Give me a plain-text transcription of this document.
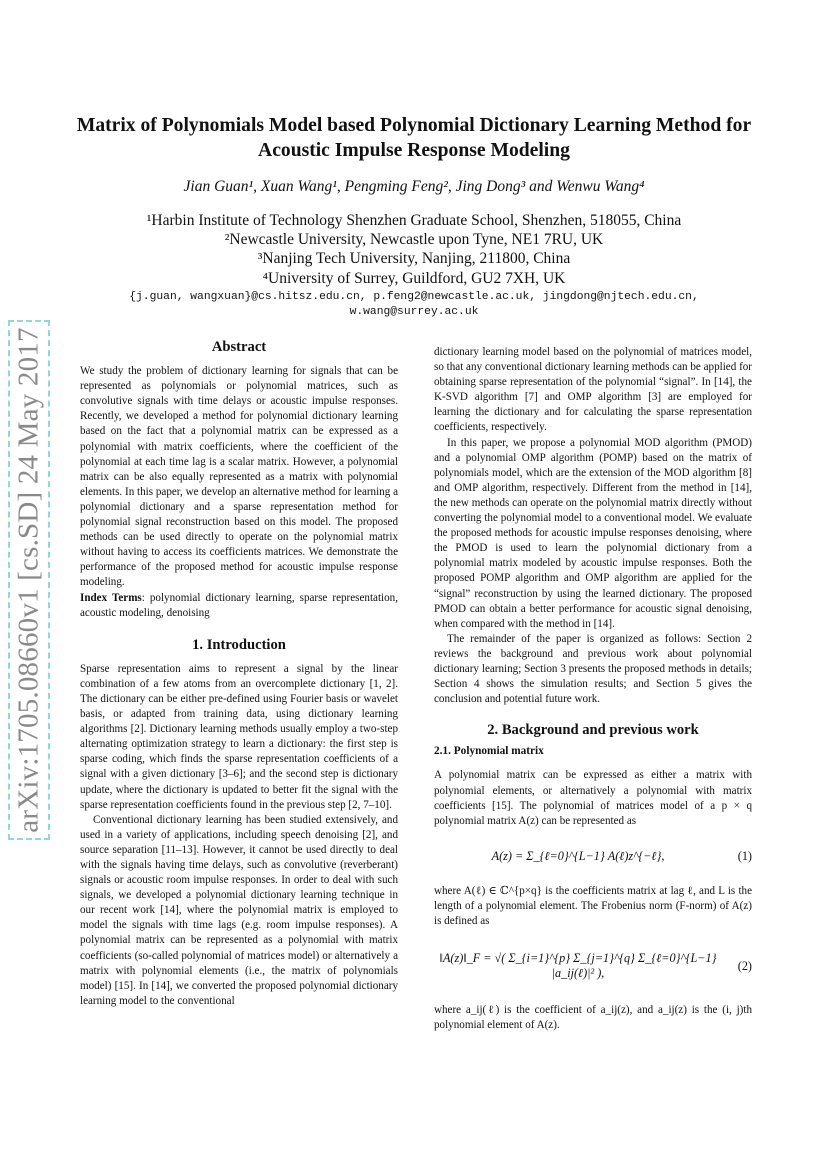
arXiv:1705.08660v1 [cs.SD] 24 May 2017
Matrix of Polynomials Model based Polynomial Dictionary Learning Method for Acoustic Impulse Response Modeling
Jian Guan¹, Xuan Wang¹, Pengming Feng², Jing Dong³ and Wenwu Wang⁴
¹Harbin Institute of Technology Shenzhen Graduate School, Shenzhen, 518055, China
²Newcastle University, Newcastle upon Tyne, NE1 7RU, UK
³Nanjing Tech University, Nanjing, 211800, China
⁴University of Surrey, Guildford, GU2 7XH, UK
{j.guan, wangxuan}@cs.hitsz.edu.cn, p.feng2@newcastle.ac.uk, jingdong@njtech.edu.cn,
w.wang@surrey.ac.uk
Abstract

We study the problem of dictionary learning for signals that can be represented as polynomials or polynomial matrices, such as convolutive signals with time delays or acoustic impulse responses. Recently, we developed a method for polynomial dictionary learning based on the fact that a polynomial matrix can be expressed as a polynomial with matrix coefficients, where the coefficient of the polynomial at each time lag is a scalar matrix. However, a polynomial matrix can be also equally represented as a matrix with polynomial elements. In this paper, we develop an alternative method for learning a polynomial dictionary and a sparse representation method for polynomial signal reconstruction based on this model. The proposed methods can be used directly to operate on the polynomial matrix without having to access its coefficients matrices. We demonstrate the performance of the proposed method for acoustic impulse response modeling.

Index Terms: polynomial dictionary learning, sparse representation, acoustic modeling, denoising

1. Introduction

Sparse representation aims to represent a signal by the linear combination of a few atoms from an overcomplete dictionary [1, 2]. The dictionary can be either pre-defined using Fourier basis or wavelet basis, or adapted from training data, using dictionary learning algorithms [2]. Dictionary learning methods usually employ a two-step alternating optimization strategy to learn a dictionary: the first step is sparse coding, which finds the sparse representation coefficients of a signal with a given dictionary [3–6]; and the second step is dictionary update, where the dictionary is updated to better fit the signal with the sparse representation coefficients found in the previous step [2, 7–10].

Conventional dictionary learning has been studied extensively, and used in a variety of applications, including speech denoising [2], and source separation [11–13]. However, it cannot be used directly to deal with the signals having time delays, such as convolutive (reverberant) signals or acoustic room impulse responses. In order to deal with such signals, we developed a polynomial dictionary learning technique in our recent work [14], where the polynomial matrix is employed to model the signals with time lags (e.g. room impulse responses). A polynomial matrix can be represented as a polynomial with matrix coefficients (so-called polynomial of matrices model) or alternatively a matrix with polynomial elements (i.e., the matrix of polynomials model) [15]. In [14], we converted the proposed polynomial dictionary learning model to the conventional

dictionary learning model based on the polynomial of matrices model, so that any conventional dictionary learning methods can be applied for obtaining sparse representation of the polynomial “signal”. In [14], the K-SVD algorithm [7] and OMP algorithm [3] are employed for learning the dictionary and for calculating the sparse representation coefficients, respectively.

In this paper, we propose a polynomial MOD algorithm (PMOD) and a polynomial OMP algorithm (POMP) based on the matrix of polynomials model, which are the extension of the MOD algorithm [8] and OMP algorithm, respectively. Different from the method in [14], the new methods can operate on the polynomial matrix directly without converting the polynomial model to a conventional model. We evaluate the proposed methods for acoustic impulse responses denoising, where the PMOD is used to learn the polynomial dictionary from a polynomial matrix modeled by acoustic impulse responses. Both the proposed POMP algorithm and OMP algorithm are applied for the “signal” reconstruction by using the learned dictionary. The proposed PMOD can obtain a better performance for acoustic signal denoising, when compared with the method in [14].

The remainder of the paper is organized as follows: Section 2 reviews the background and previous work about polynomial dictionary learning; Section 3 presents the proposed methods in details; Section 4 shows the simulation results; and Section 5 gives the conclusion and potential future work.

2. Background and previous work
2.1. Polynomial matrix

A polynomial matrix can be expressed as either a matrix with polynomial elements, or alternatively a polynomial with matrix coefficients [15]. The polynomial of matrices model of a p × q polynomial matrix A(z) can be represented as

A(z) = Σ_{ℓ=0}^{L−1} A(ℓ)z^{−ℓ},	(1)

where A(ℓ) ∈ ℂ^{p×q} is the coefficients matrix at lag ℓ, and L is the length of a polynomial element. The Frobenius norm (F-norm) of A(z) is defined as

‖A(z)‖_F = √( Σ_{i=1}^{p} Σ_{j=1}^{q} Σ_{ℓ=0}^{L−1} |a_ij(ℓ)|² ),
(2)

where a_ij(ℓ) is the coefficient of a_ij(z), and a_ij(z) is the (i, j)th polynomial element of A(z).
